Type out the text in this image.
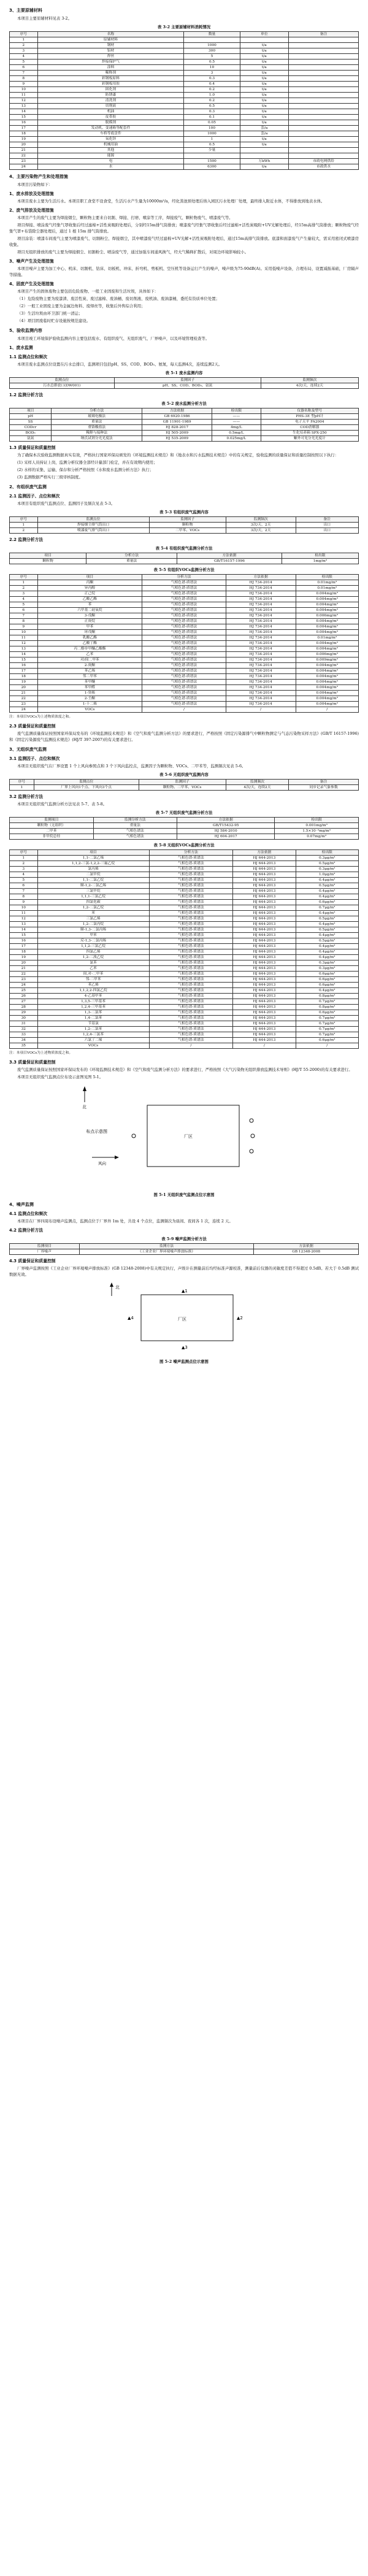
3、主要原辅材料

本项目主要原辅材料见表 3-2。

表 3-2 主要原辅材料消耗情况
序号	名称	数量	单位	备注
1	原辅材料			
2	钢材	1000	t/a	
3	铝材	300	t/a	
4	焊丝	5	t/a	
5	焊接保护气	0.5	t/a	
6	涂料	10	t/a	
7	稀释剂	3	t/a	
8	彩钢板原料	0.3	t/a	
9	彩钢板用胶	0.4	t/a	
10	固化剂	0.2	t/a	
11	防锈漆	1.0	t/a	
12	清洗剂	0.2	t/a	
13	切削液	0.5	t/a	
14	机油	0.3	t/a	
15	皮带胶	0.1	t/a	
16	脱模剂	0.05	t/a	
17	发动机、变速箱等配套件	100	套/a	
18	车桥等底盘件	1000	套/a	
19	氧化锌	1	t/a	
20	机械用油	0.5	t/a	
21	其他	少量		
22	能源			
23	电	1500	万kWh	市政电网供给
24	水	6300	t/a	市政供水
4、主要污染物产生和处理措施

本项目污染物如下：

1、废水排放及处理措施

本项目废水主要为生活污水。本项目职工食堂不设食堂，生活污水产生量为10000m³/a，经化粪池预处理后纳入园区污水处理厂处理，最终排入附近水体，不得排放到地表水体。

2、废气排放及处理措施

本项目产生的废气主要为焊接烟尘，颗粒物主要来自切割、焊接、打磨、喷涂等工序，焊接废气、颗粒物废气、喷漆废气等。

项目焊接、喷涂废气经集气罩收集后经过滤棉+活性炭吸附处理后，分别经15m排气筒排放；喷漆废气经集气罩收集后经过滤棉+活性炭吸附+UV光解处理后，经15m高排气筒排放；颗粒物废气经集气罩+布袋除尘器处理后，通过 1 根 15m 排气筒排放。

项目涂装：喷漆车间废气主要为喷漆废气、切割粉尘、焊接烟尘，其中喷漆废气经过滤棉+UV光解+活性炭吸附处理后，通过15m高排气筒排放。底漆和面漆废气产生量较大，需采用密闭式喷漆房收集。

项目无组织排放的废气主要为焊接烟尘、切割粉尘、喷涂废气等，通过加强车间通风换气，经大气稀释扩散后，对周边环境影响较小。

3、噪声产生及处理措施

本项目噪声主要为加工中心、机床、切割机、钻床、切板机、冲床、折弯机、剪板机、空压机等设备运行产生的噪声，噪声级为75-90dB(A)。采用低噪声设备，合理布局，设置减振基础，厂房隔声等措施。

4、固废产生及处理措施

本项目产生的固体废物主要包括危险废物、一般工业固废和生活垃圾，具体如下：

（1）危险废物主要为废漆渣、废活性炭、废过滤棉、废油桶、废切削液、废机油、废油漆桶，委托有资质单位处置；

（2）一般工业固废主要为金属边角料、废焊丝等，收集后外售综合利用；

（3）生活垃圾由环卫部门统一清运；

（4）项目固废临时贮存设施按规范建设。

5、验收监测内容

本项目竣工环境保护验收监测内容主要包括废水、有组织废气、无组织废气、厂界噪声，以及环境管理检查等。

1、废水监测
1.1 监测点位和频次

本项目废水监测点位设置在污水总排口，监测项目包括pH、SS、COD、BOD₅、氨氮，每天监测4次，连续监测2天。

表 5-1 废水监测内容
监测点位	监测因子	监测频次
污水总排放口(DW001)	pH、SS、COD、BOD₅、氨氮	4次/天，连续2天
1.2 监测分析方法
表 5-2 废水监测分析方法
项目	分析方法	方法依据	检出限	仪器名称及型号
pH	玻璃电极法	GB 6920-1986	——	PHS-3E 型pH计
SS	重量法	GB 11901-1989	——	电子天平 FA2004
CODcr	重铬酸盐法	HJ 828-2017	4mg/L	COD消解器
BOD₅	稀释与接种法	HJ 505-2009	0.5mg/L	生化培养箱 SPX-250
氨氮	纳氏试剂分光光度法	HJ 535-2009	0.025mg/L	紫外可见分光光度计
1.3 质量保证和质量控制

为了确保本次验收监测数据真实有效，严格执行国家环保局颁发的《环境监测技术规范》和《地表水和污水监测技术规范》中的有关规定，验收监测的质量保证和质量控制按照以下执行：

(1) 采样人员持证上岗，监测分析仪器全部经计量部门检定，并在有效期内使用；

(2) 水样的采集、运输、保存和分析严格按照《水和废水监测分析方法》执行；

(3) 监测数据严格实行三级审核制度。

2、有组织废气监测
2.1 监测因子、点位和频次

本项目有组织废气监测点位、监测因子及频次见表 5-3。

表 5-3 有组织废气监测内容
序号	监测点位	监测因子	监测频次	备注
1	焊接烟尘排气筒出口	颗粒物	3次/天，2天	出口
2	喷漆废气排气筒出口	二甲苯、VOCs	3次/天，2天	出口
2.2 监测分析方法
表 5-4 有组织废气监测分析方法
项目	分析方法	方法依据	检出限
颗粒物	重量法	GB/T16157-1996	1mg/m³
表 5-5 有组织VOCs监测分析方法
序号	项目	分析方法	方法依据	检出限
1	丙酮	气相色谱-质谱法	HJ 734-2014	0.01mg/m³
2	异丙醇	气相色谱-质谱法	HJ 734-2014	0.01mg/m³
3	正己烷	气相色谱-质谱法	HJ 734-2014	0.004mg/m³
4	乙酸乙酯	气相色谱-质谱法	HJ 734-2014	0.004mg/m³
5	苯	气相色谱-质谱法	HJ 734-2014	0.004mg/m³
6	六甲基二硅氧烷	气相色谱-质谱法	HJ 734-2014	0.004mg/m³
7	3-戊酮	气相色谱-质谱法	HJ 734-2014	0.006mg/m³
8	正庚烷	气相色谱-质谱法	HJ 734-2014	0.004mg/m³
9	甲苯	气相色谱-质谱法	HJ 734-2014	0.004mg/m³
10	环戊酮	气相色谱-质谱法	HJ 734-2014	0.004mg/m³
11	乳酸乙酯	气相色谱-质谱法	HJ 734-2014	0.01mg/m³
12	乙酸丁酯	气相色谱-质谱法	HJ 734-2014	0.004mg/m³
13	丙二醇单甲醚乙酸酯	气相色谱-质谱法	HJ 734-2014	0.004mg/m³
14	乙苯	气相色谱-质谱法	HJ 734-2014	0.006mg/m³
15	对/间二甲苯	气相色谱-质谱法	HJ 734-2014	0.009mg/m³
16	2-庚酮	气相色谱-质谱法	HJ 734-2014	0.004mg/m³
17	苯乙烯	气相色谱-质谱法	HJ 734-2014	0.004mg/m³
18	邻二甲苯	气相色谱-质谱法	HJ 734-2014	0.004mg/m³
19	苯甲醚	气相色谱-质谱法	HJ 734-2014	0.004mg/m³
20	苯甲醛	气相色谱-质谱法	HJ 734-2014	0.004mg/m³
21	1-癸烯	气相色谱-质谱法	HJ 734-2014	0.004mg/m³
22	2-壬酮	气相色谱-质谱法	HJ 734-2014	0.004mg/m³
23	1-十二烯	气相色谱-质谱法	HJ 734-2014	0.004mg/m³
24	VOCs	/	/	/

注：本项目VOCs为上述物质浓度之和。

2.3 质量保证和质量控制

废气监测质量保证按照国家环保局发布的《环境监测技术规范》和《空气和废气监测分析方法》的要求进行，严格按照《固定污染源排气中颗粒物测定与气态污染物采样方法》(GB/T 16157-1996)和《固定污染源废气监测技术规范》(HJ/T 397-2007)的有关要求进行。

3、无组织废气监测
3.1 监测因子、点位和频次

本项目无组织废气在厂界设置 1 个上风向参照点和 3 个下风向监控点，监测因子为颗粒物、VOCs、二甲苯等，监测频次见表 5-6。

表 5-6 无组织废气监测内容
序号	监测点位	监测因子	监测频次	备注
1	厂界上风向1个点、下风向3个点	颗粒物、二甲苯、VOCs	4次/天，连续2天	同步记录气象参数
3.2 监测分析方法

本项目无组织废气监测分析方法见表 5-7、表 5-8。

表 5-7 无组织废气监测分析方法
监测项目	监测分析方法	方法依据	检出限
颗粒物（无组织）	重量法	GB/T15432-95	0.001mg/m³
二甲苯	气相色谱法	HJ 584-2010	1.5×10⁻³mg/m³
非甲烷总烃	气相色谱法	HJ 604-2017	0.07mg/m³
表 5-8 无组织VOCs监测分析方法
序号	项目	分析方法	方法依据	检出限
1	1,1-二氯乙烯	气相色谱-质谱法	HJ 644-2013	0.3μg/m³
2	1,1,2-三氯-1,2,2-三氟乙烷	气相色谱-质谱法	HJ 644-2013	0.5μg/m³
3	氯丙烯	气相色谱-质谱法	HJ 644-2013	0.3μg/m³
4	二氯甲烷	气相色谱-质谱法	HJ 644-2013	1.0μg/m³
5	1,1-二氯乙烷	气相色谱-质谱法	HJ 644-2013	0.4μg/m³
6	顺-1,2-二氯乙烯	气相色谱-质谱法	HJ 644-2013	0.5μg/m³
7	三氯甲烷	气相色谱-质谱法	HJ 644-2013	0.4μg/m³
8	1,1,1-三氯乙烷	气相色谱-质谱法	HJ 644-2013	0.4μg/m³
9	四氯化碳	气相色谱-质谱法	HJ 644-2013	0.6μg/m³
10	1,2-二氯乙烷	气相色谱-质谱法	HJ 644-2013	0.7μg/m³
11	苯	气相色谱-质谱法	HJ 644-2013	0.4μg/m³
12	三氯乙烯	气相色谱-质谱法	HJ 644-2013	0.5μg/m³
13	1,2-二氯丙烷	气相色谱-质谱法	HJ 644-2013	0.4μg/m³
14	顺-1,3-二氯丙烯	气相色谱-质谱法	HJ 644-2013	0.5μg/m³
15	甲苯	气相色谱-质谱法	HJ 644-2013	0.4μg/m³
16	反-1,3-二氯丙烯	气相色谱-质谱法	HJ 644-2013	0.5μg/m³
17	1,1,2-三氯乙烷	气相色谱-质谱法	HJ 644-2013	0.4μg/m³
18	四氯乙烯	气相色谱-质谱法	HJ 644-2013	0.4μg/m³
19	1,2-二溴乙烷	气相色谱-质谱法	HJ 644-2013	0.4μg/m³
20	氯苯	气相色谱-质谱法	HJ 644-2013	0.3μg/m³
21	乙苯	气相色谱-质谱法	HJ 644-2013	0.3μg/m³
22	间,对-二甲苯	气相色谱-质谱法	HJ 644-2013	0.6μg/m³
23	邻-二甲苯	气相色谱-质谱法	HJ 644-2013	0.6μg/m³
24	苯乙烯	气相色谱-质谱法	HJ 644-2013	0.6μg/m³
25	1,1,2,2-四氯乙烷	气相色谱-质谱法	HJ 644-2013	0.4μg/m³
26	4-乙基甲苯	气相色谱-质谱法	HJ 644-2013	0.8μg/m³
27	1,3,5-三甲基苯	气相色谱-质谱法	HJ 644-2013	0.7μg/m³
28	1,2,4-三甲基苯	气相色谱-质谱法	HJ 644-2013	0.8μg/m³
29	1,3-二氯苯	气相色谱-质谱法	HJ 644-2013	0.6μg/m³
30	1,4-二氯苯	气相色谱-质谱法	HJ 644-2013	0.7μg/m³
31	苄基氯	气相色谱-质谱法	HJ 644-2013	0.7μg/m³
32	1,2-二氯苯	气相色谱-质谱法	HJ 644-2013	0.7μg/m³
33	1,2,4-三氯苯	气相色谱-质谱法	HJ 644-2013	0.7μg/m³
34	六氯丁二烯	气相色谱-质谱法	HJ 644-2013	0.6μg/m³
35	VOCs	/	/	/

注：本项目VOCs为上述物质浓度之和。

3.3 质量保证和质量控制

废气监测质量保证按照国家环保局发布的《环境监测技术规范》和《空气和废气监测分析方法》的要求进行，严格按照《大气污染物无组织排放监测技术导则》(HJ/T 55-2000)的有关要求进行。

本项目无组织废气监测点位布设示意图见图 5-1。

北
布点示意图
厂区
风向
图 5-1 无组织废气监测点位示意图
4、噪声监测
4.1 监测点位和频次

本项目在厂界四周布设噪声监测点，监测点位于厂界外 1m 处，共设 4 个点位，监测频次为昼间、夜间各 1 次，连续 2 天。

4.2 监测分析方法
表 5-9 噪声监测分析方法
监测项目	监测方法	方法依据
厂界噪声	《工业企业厂界环境噪声排放标准》	GB 12348-2008
4.3 质量保证和质量控制

厂界噪声监测按照《工业企业厂界环境噪声排放标准》(GB 12348-2008)中有关规定执行，声级计在测量前后均经标准声源校准，测量前后仪器的灵敏度差值不得超过 0.5dB。若大于 0.5dB 测试数据无效。

北
厂区
▲1
▲2
▲3
▲4
图 5-2 噪声监测点位示意图
